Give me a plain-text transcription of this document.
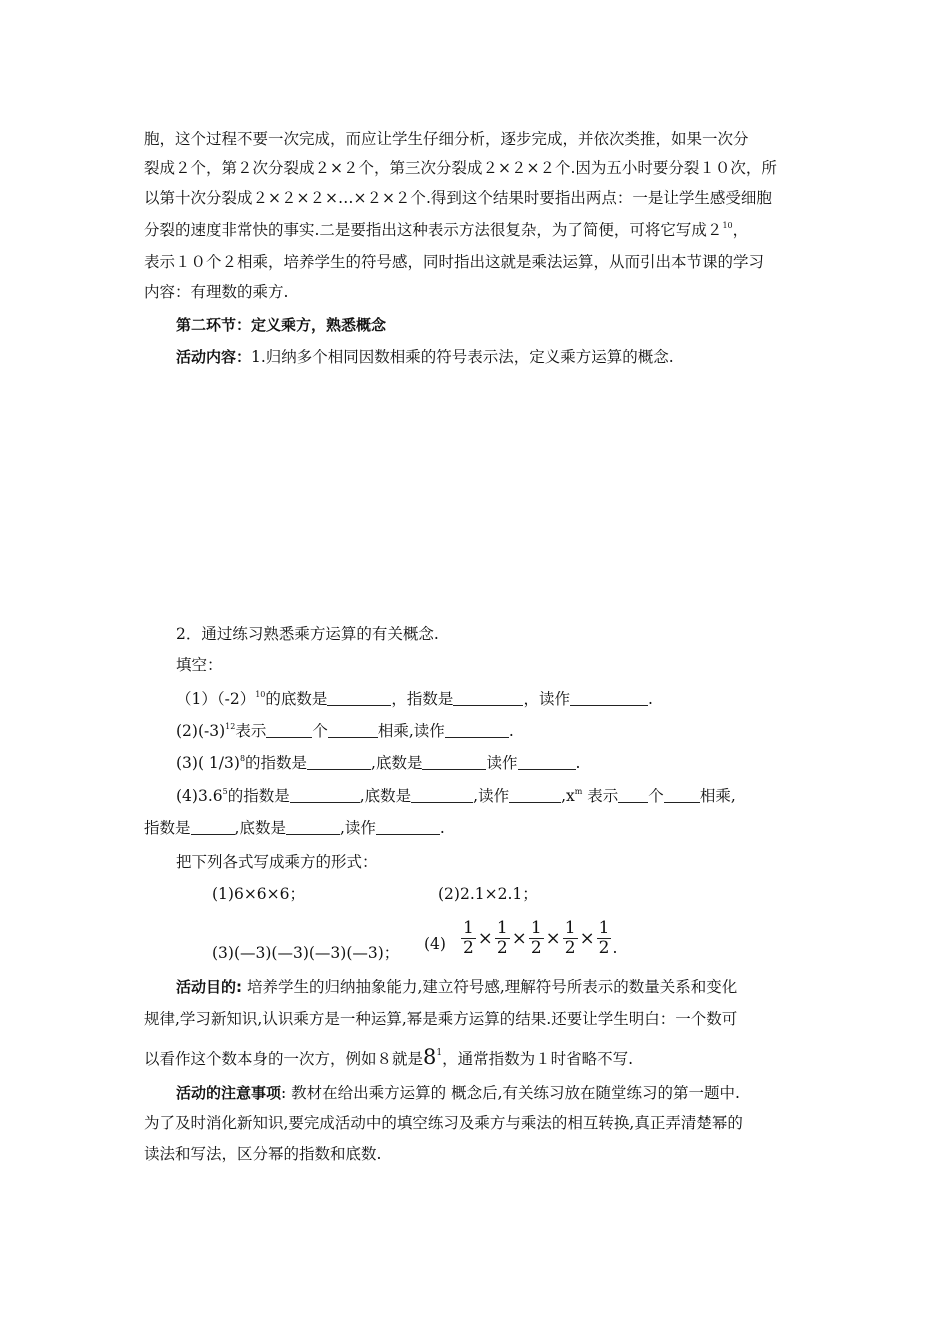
胞，这个过程不要一次完成，而应让学生仔细分析，逐步完成，并依次类推，如果一次分
裂成２个，第２次分裂成２×２个，第三次分裂成２×２×２个.因为五小时要分裂１０次，所
以第十次分裂成２×２×２×…×２×２个.得到这个结果时要指出两点：一是让学生感受细胞
分裂的速度非常快的事实.二是要指出这种表示方法很复杂，为了简便，可将它写成$2^{10}$，
表示１０个２相乘，培养学生的符号感，同时指出这就是乘法运算，从而引出本节课的学习
内容：有理数的乘方.
第二环节：定义乘方，熟悉概念
活动内容：1.归纳多个相同因数相乘的符号表示法，定义乘方运算的概念.
2．通过练习熟悉乘方运算的有关概念.
填空：
$(1)(-2)^{10}$的底数是	，指数是	，读作	.
$(2)(-3)^{12}$表示	个	相乘,读作	.
(3)( 1/3)$^8$的指数是	,底数是	读作	.
$(4)3.6^5$的指数是	,底数是	,读作	$,x^m$ 表示 个 相乘,
指数是	,底数是	,读作	.
把下列各式写成乘方的形式：
(1)6×6×6；	(2)2.1×2.1；
(3)(—3)(—3)(—3)(—3)； $(4) \frac{1}{2} \times \frac{1}{2} \times \frac{1}{2} \times \frac{1}{2} \times \frac{1}{2}$ .
活动目的: 培养学生的归纳抽象能力,建立符号感,理解符号所表示的数量关系和变化
规律,学习新知识,认识乘方是一种运算,幂是乘方运算的结果.还要让学生明白：一个数可
以看作这个数本身的一次方，例如８就是$8^1$，通常指数为１时省略不写.
活动的注意事项: 教材在给出乘方运算的 概念后,有关练习放在随堂练习的第一题中.
为了及时消化新知识,要完成活动中的填空练习及乘方与乘法的相互转换,真正弄清楚幂的
读法和写法，区分幂的指数和底数.
